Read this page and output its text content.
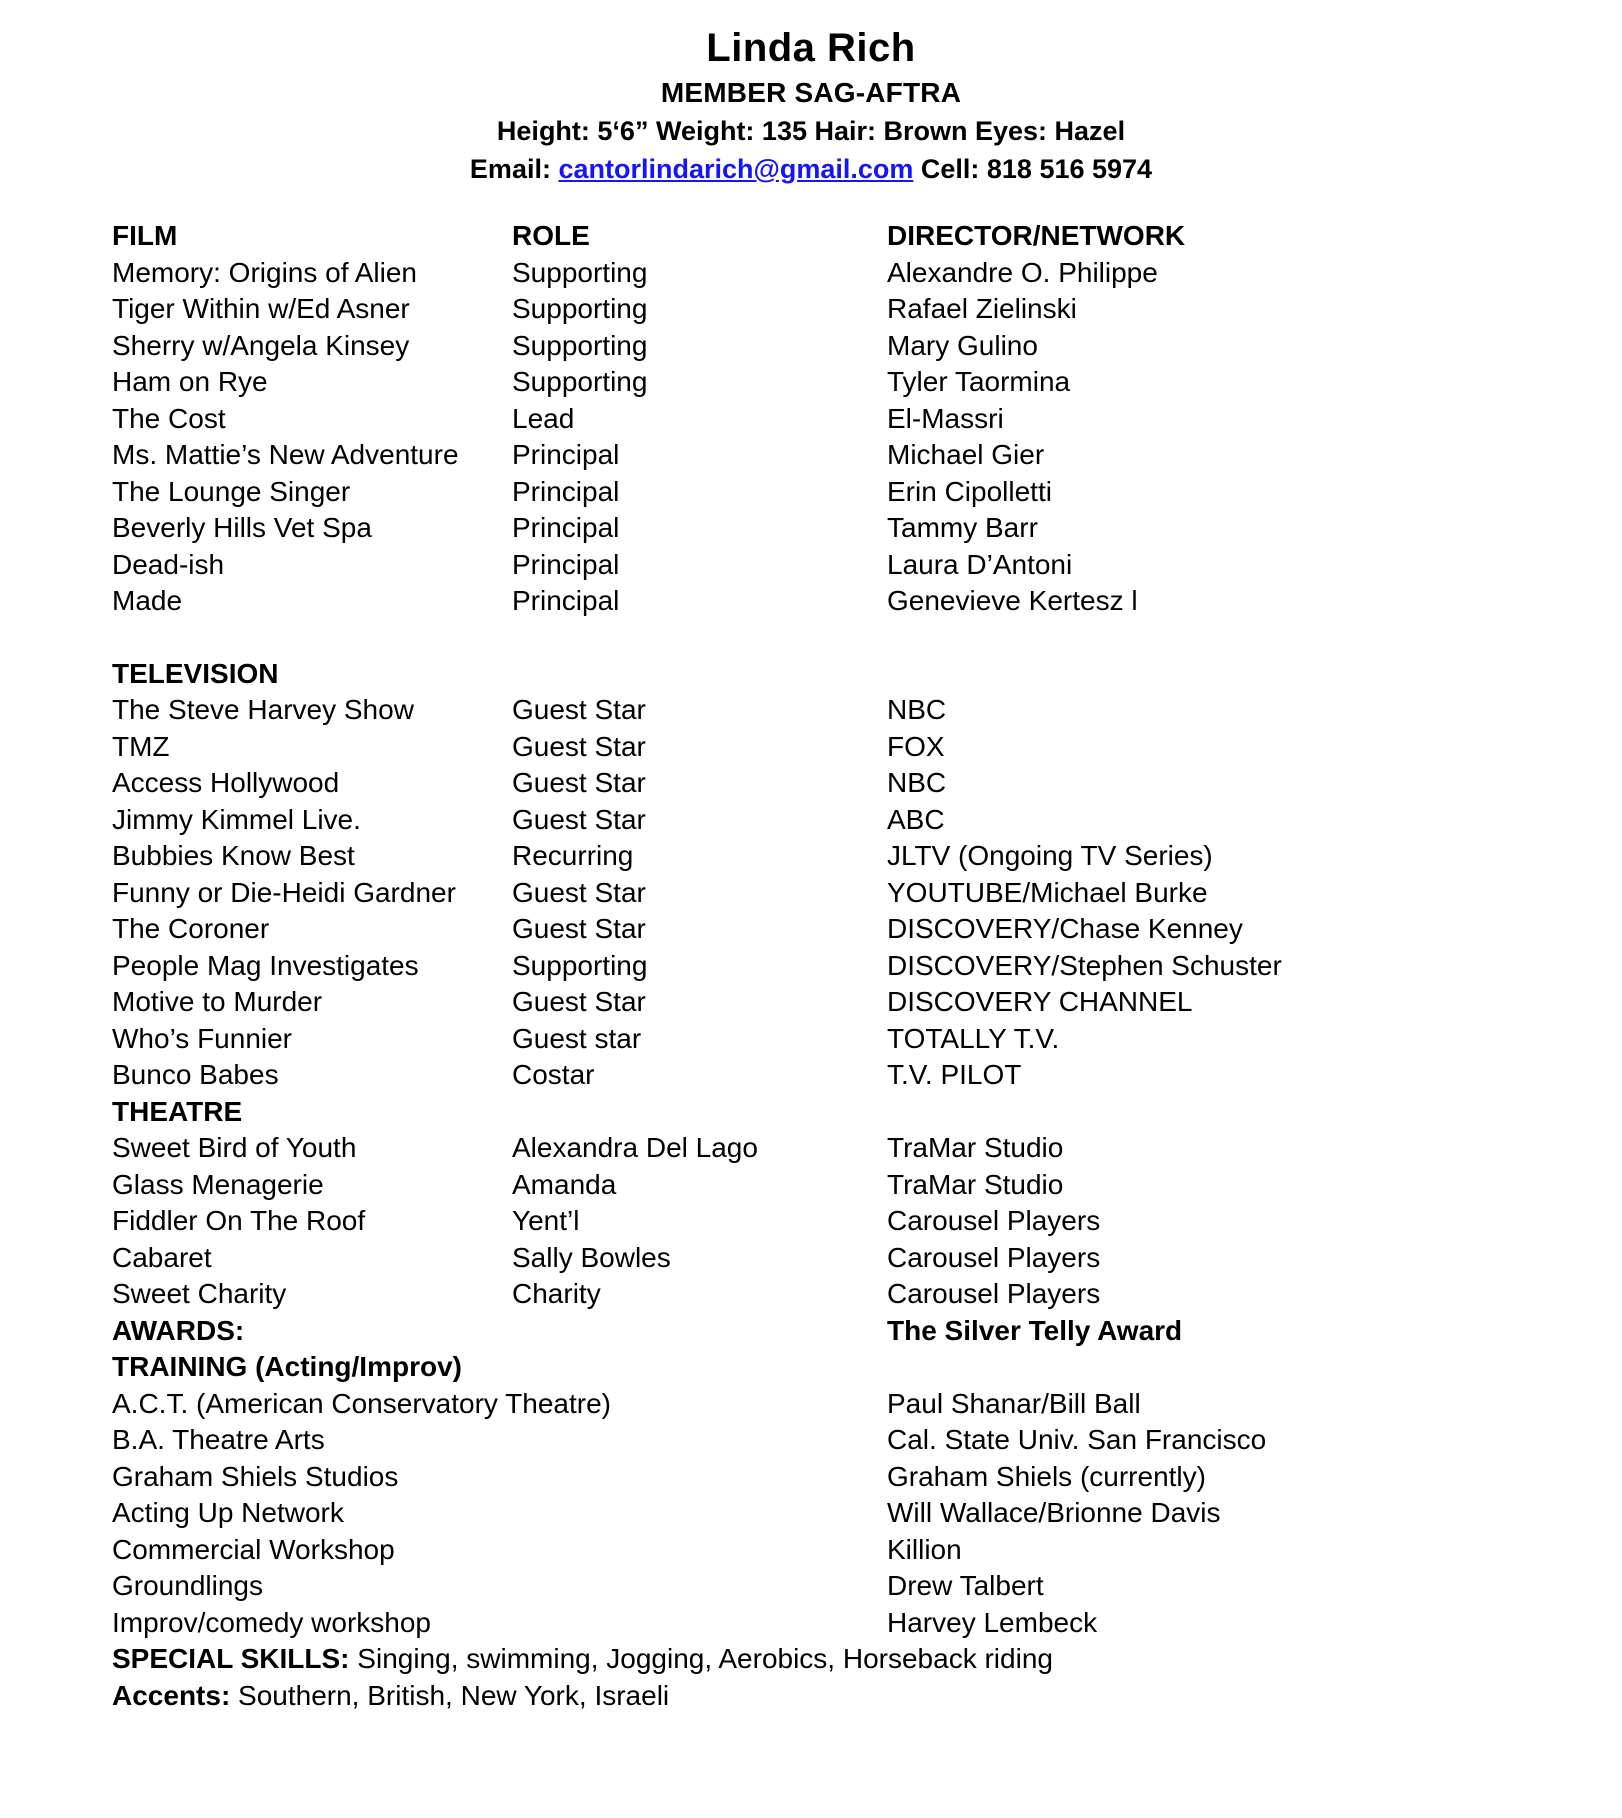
Linda Rich
MEMBER SAG-AFTRA
Height: 5‘6” Weight: 135 Hair: Brown Eyes: Hazel
Email: cantorlindarich@gmail.com Cell: 818 516 5974
FILM	ROLE	DIRECTOR/NETWORK
Memory: Origins of Alien	Supporting	Alexandre O. Philippe
Tiger Within w/Ed Asner	Supporting	Rafael Zielinski
Sherry w/Angela Kinsey	Supporting	Mary Gulino
Ham on Rye	Supporting	Tyler Taormina
The Cost	Lead	El-Massri
Ms. Mattie’s New Adventure	Principal	Michael Gier
The Lounge Singer	Principal	Erin Cipolletti
Beverly Hills Vet Spa	Principal	Tammy Barr
Dead-ish	Principal	Laura D’Antoni
Made	Principal	Genevieve Kertesz l
TELEVISION
The Steve Harvey Show	Guest Star	NBC
TMZ	Guest Star	FOX
Access Hollywood	Guest Star	NBC
Jimmy Kimmel Live.	Guest Star	ABC
Bubbies Know Best	Recurring	JLTV (Ongoing TV Series)
Funny or Die-Heidi Gardner	Guest Star	YOUTUBE/Michael Burke
The Coroner	Guest Star	DISCOVERY/Chase Kenney
People Mag Investigates	Supporting	DISCOVERY/Stephen Schuster
Motive to Murder	Guest Star	DISCOVERY CHANNEL
Who’s Funnier	Guest star	TOTALLY T.V.
Bunco Babes	Costar	T.V. PILOT
THEATRE
Sweet Bird of Youth	Alexandra Del Lago	TraMar Studio
Glass Menagerie	Amanda	TraMar Studio
Fiddler On The Roof	Yent’l	Carousel Players
Cabaret	Sally Bowles	Carousel Players
Sweet Charity	Charity	Carousel Players
AWARDS:	The Silver Telly Award
TRAINING (Acting/Improv)
A.C.T. (American Conservatory Theatre)	Paul Shanar/Bill Ball
B.A. Theatre Arts	Cal. State Univ. San Francisco
Graham Shiels Studios	Graham Shiels (currently)
Acting Up Network	Will Wallace/Brionne Davis
Commercial Workshop	Killion
Groundlings	Drew Talbert
Improv/comedy workshop	Harvey Lembeck
SPECIAL SKILLS: Singing, swimming, Jogging, Aerobics, Horseback riding
Accents: Southern, British, New York, Israeli
